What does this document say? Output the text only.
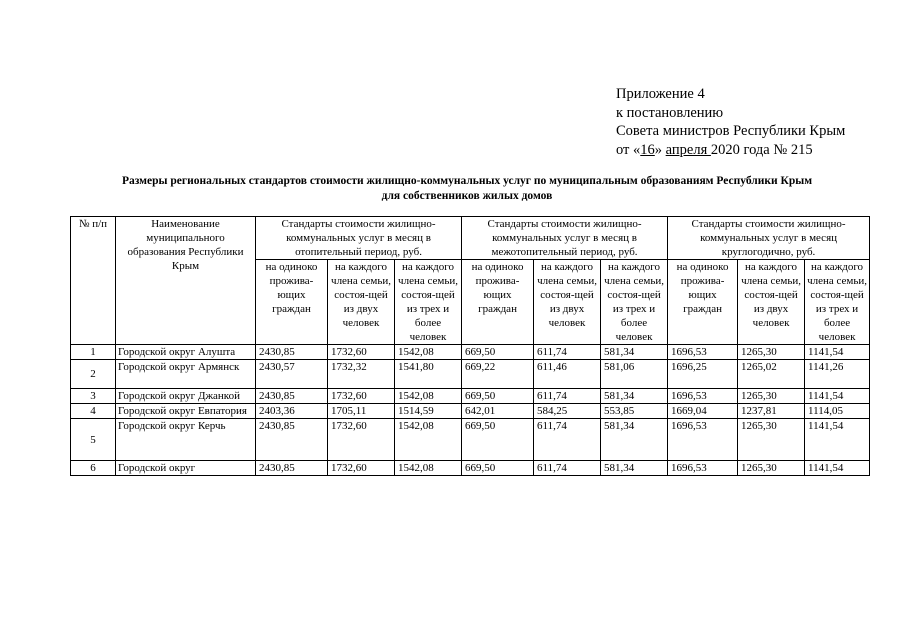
Приложение 4
к постановлению
Совета министров Республики Крым
от «16» апреля 2020 года № 215
Размеры региональных стандартов стоимости жилищно-коммунальных услуг по муниципальным образованиям Республики Крым
для собственников жилых домов
№ п/п	Наименование муниципального образования Республики Крым	Стандарты стоимости жилищно-коммунальных услуг в месяц в отопительный период, руб.			Стандарты стоимости жилищно-коммунальных услуг в месяц в межотопительный период, руб.			Стандарты стоимости жилищно-коммунальных услуг в месяц круглогодично, руб.		
		на одиноко прожива-ющих граждан	на каждого члена семьи, состоя-щей из двух человек	на каждого члена семьи, состоя-щей из трех и более человек	на одиноко прожива-ющих граждан	на каждого члена семьи, состоя-щей из двух человек	на каждого члена семьи, состоя-щей из трех и более человек	на одиноко прожива-ющих граждан	на каждого члена семьи, состоя-щей из двух человек	на каждого члена семьи, состоя-щей из трех и более человек
1	Городской округ Алушта	2430,85	1732,60	1542,08	669,50	611,74	581,34	1696,53	1265,30	1141,54
2	Городской округ Армянск	2430,57	1732,32	1541,80	669,22	611,46	581,06	1696,25	1265,02	1141,26
3	Городской округ Джанкой	2430,85	1732,60	1542,08	669,50	611,74	581,34	1696,53	1265,30	1141,54
4	Городской округ Евпатория	2403,36	1705,11	1514,59	642,01	584,25	553,85	1669,04	1237,81	1114,05
5	Городской округ Керчь	2430,85	1732,60	1542,08	669,50	611,74	581,34	1696,53	1265,30	1141,54
6	Городской округ	2430,85	1732,60	1542,08	669,50	611,74	581,34	1696,53	1265,30	1141,54
